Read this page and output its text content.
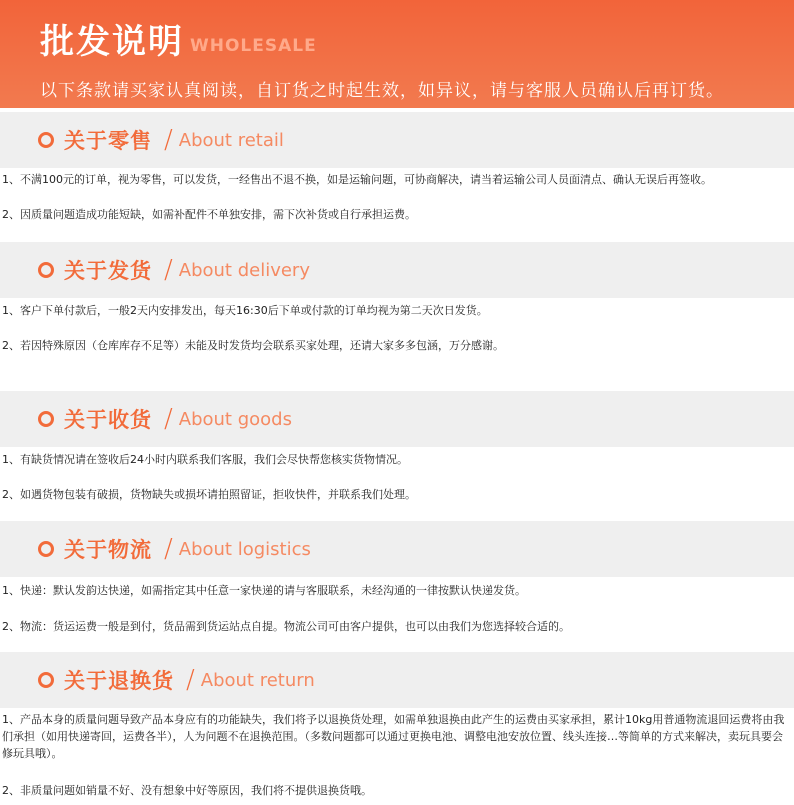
批发说明 WHOLESALE
以下条款请买家认真阅读，自订货之时起生效，如异议，请与客服人员确认后再订货。
关于零售 / About retail
1、不满100元的订单，视为零售，可以发货，一经售出不退不换，如是运输问题，可协商解决，请当着运输公司人员面清点、确认无误后再签收。
2、因质量问题造成功能短缺，如需补配件不单独安排，需下次补货或自行承担运费。
关于发货 / About delivery
1、客户下单付款后，一般2天内安排发出，每天16:30后下单或付款的订单均视为第二天次日发货。
2、若因特殊原因（仓库库存不足等）未能及时发货均会联系买家处理，还请大家多多包涵，万分感谢。
关于收货 / About goods
1、有缺货情况请在签收后24小时内联系我们客服，我们会尽快帮您核实货物情况。
2、如遇货物包装有破损，货物缺失或损坏请拍照留证，拒收快件，并联系我们处理。
关于物流 / About logistics
1、快递：默认发韵达快递，如需指定其中任意一家快递的请与客服联系，未经沟通的一律按默认快递发货。
2、物流：货运运费一般是到付，货品需到货运站点自提。物流公司可由客户提供，也可以由我们为您选择较合适的。
关于退换货 / About return
1、产品本身的质量问题导致产品本身应有的功能缺失，我们将予以退换货处理，如需单独退换由此产生的运费由买家承担，累计10kg用普通物流退回运费将由我们承担（如用快递寄回，运费各半），人为问题不在退换范围。（多数问题都可以通过更换电池、调整电池安放位置、线头连接…等简单的方式来解决，卖玩具要会修玩具哦）。
2、非质量问题如销量不好、没有想象中好等原因，我们将不提供退换货哦。
